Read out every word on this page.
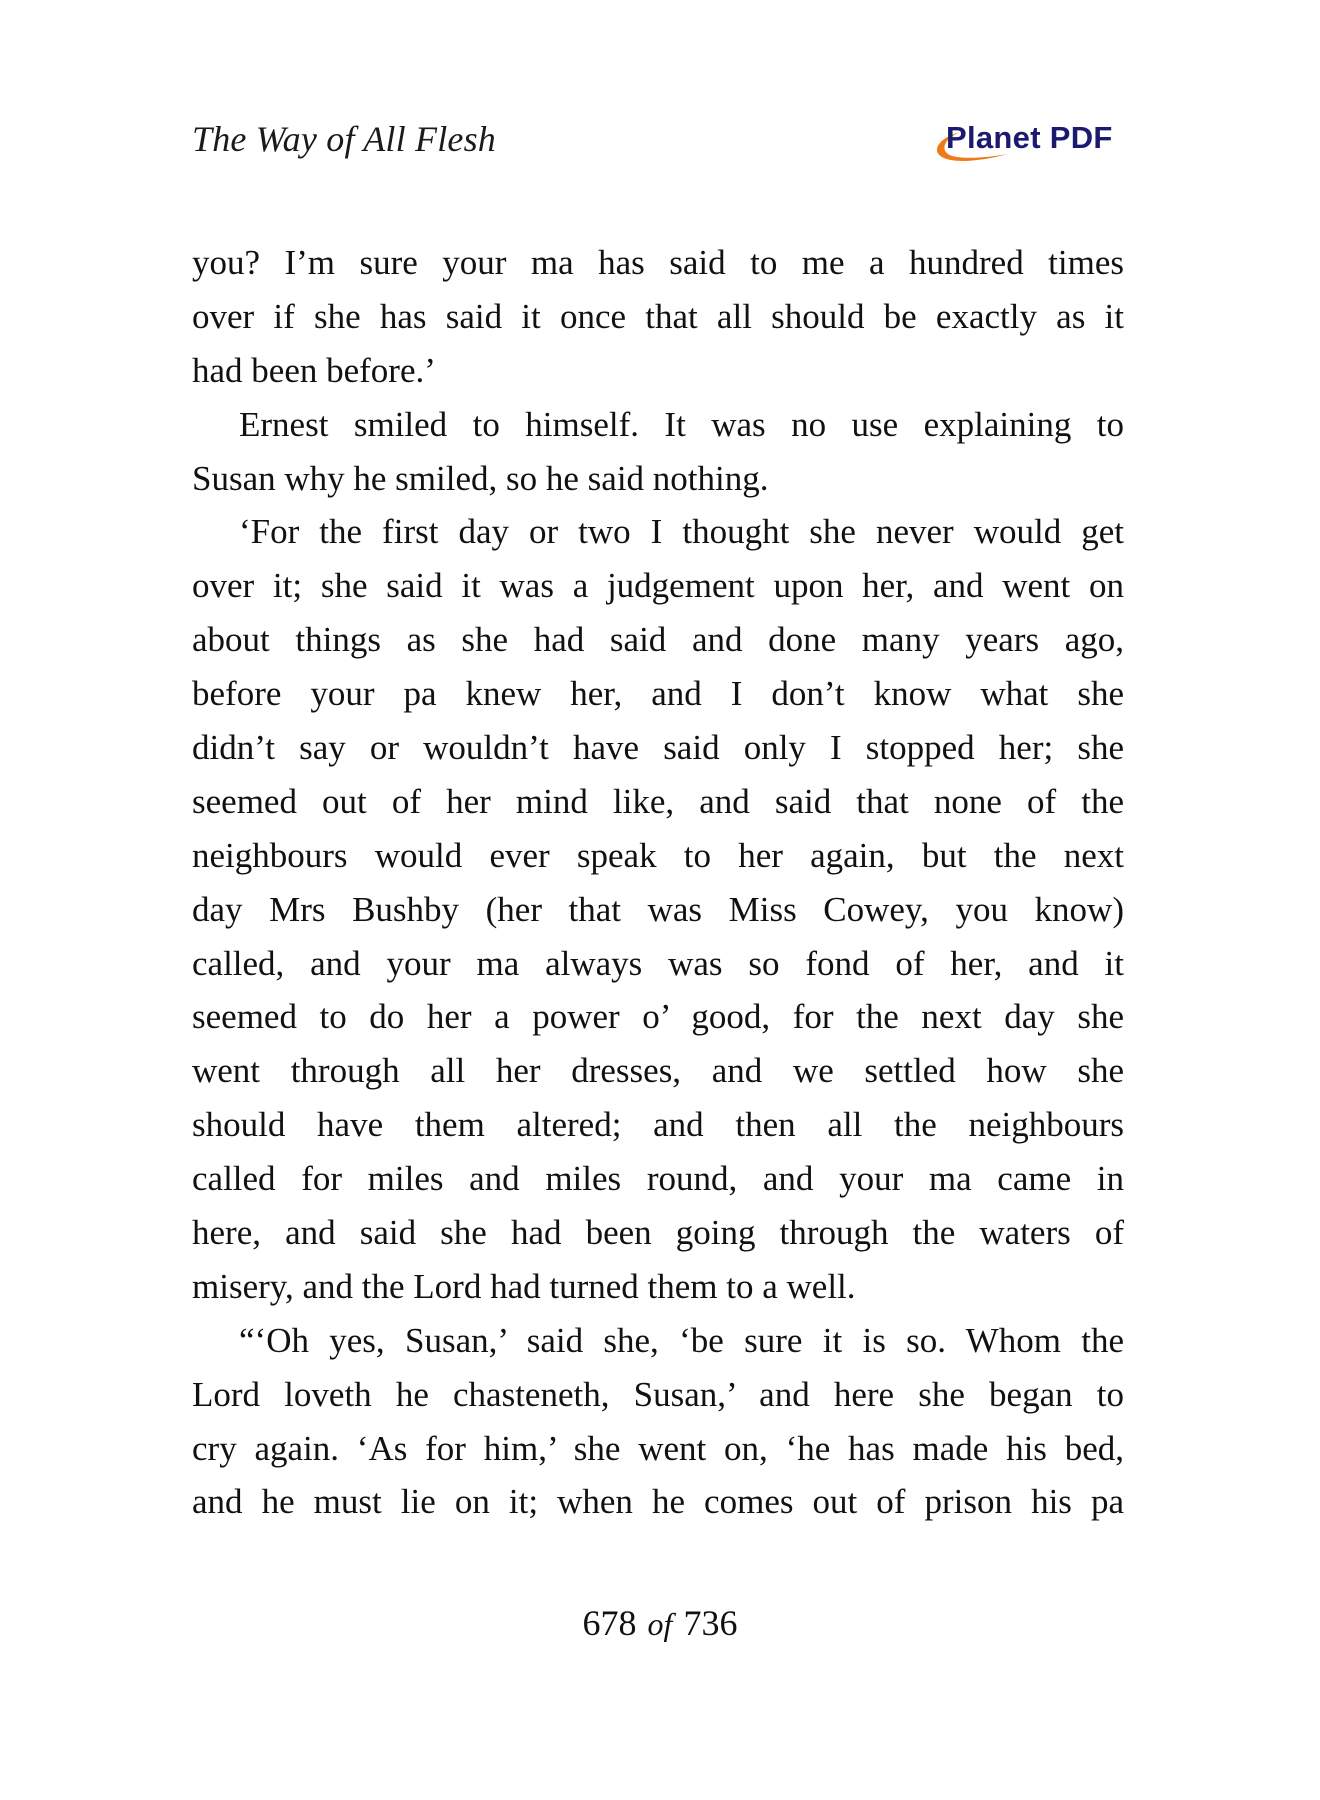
The Way of All Flesh	Planet PDF

you? I’m sure your ma has said to me a hundred times
over if she has said it once that all should be exactly as it
had been before.’

Ernest smiled to himself. It was no use explaining to
Susan why he smiled, so he said nothing.

‘For the first day or two I thought she never would get
over it; she said it was a judgement upon her, and went on
about things as she had said and done many years ago,
before your pa knew her, and I don’t know what she
didn’t say or wouldn’t have said only I stopped her; she
seemed out of her mind like, and said that none of the
neighbours would ever speak to her again, but the next
day Mrs Bushby (her that was Miss Cowey, you know)
called, and your ma always was so fond of her, and it
seemed to do her a power o’ good, for the next day she
went through all her dresses, and we settled how she
should have them altered; and then all the neighbours
called for miles and miles round, and your ma came in
here, and said she had been going through the waters of
misery, and the Lord had turned them to a well.

“‘Oh yes, Susan,’ said she, ‘be sure it is so. Whom the
Lord loveth he chasteneth, Susan,’ and here she began to
cry again. ‘As for him,’ she went on, ‘he has made his bed,
and he must lie on it; when he comes out of prison his pa

678 of 736
